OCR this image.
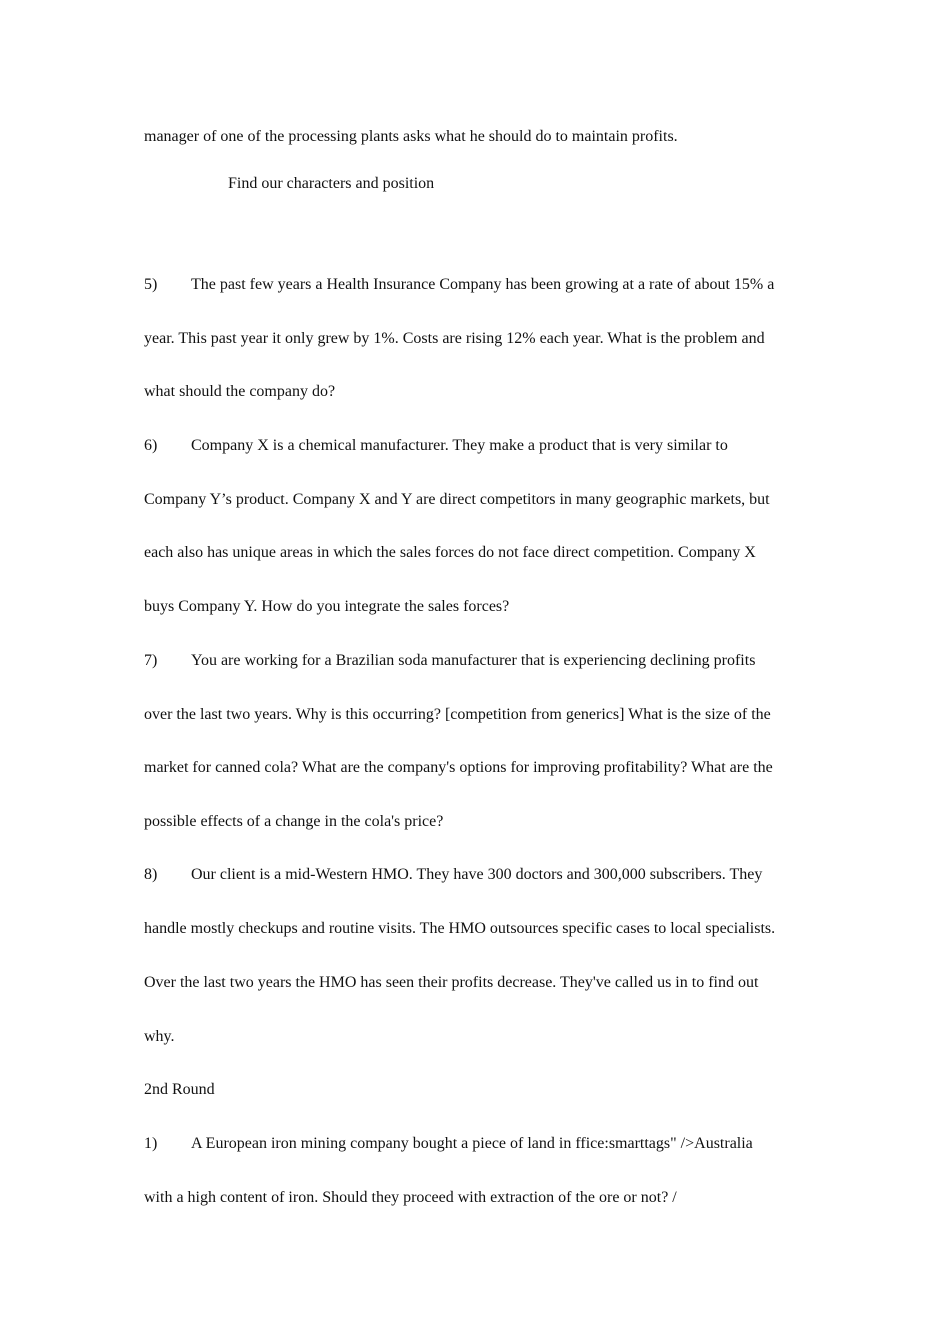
manager of one of the processing plants asks what he should do to maintain profits.
Find our characters and position
5) The past few years a Health Insurance Company has been growing at a rate of about 15% a
year. This past year it only grew by 1%. Costs are rising 12% each year. What is the problem and
what should the company do?
6) Company X is a chemical manufacturer. They make a product that is very similar to
Company Y’s product. Company X and Y are direct competitors in many geographic markets, but
each also has unique areas in which the sales forces do not face direct competition. Company X
buys Company Y. How do you integrate the sales forces?
7) You are working for a Brazilian soda manufacturer that is experiencing declining profits
over the last two years. Why is this occurring? [competition from generics] What is the size of the
market for canned cola? What are the company's options for improving profitability? What are the
possible effects of a change in the cola's price?
8) Our client is a mid-Western HMO. They have 300 doctors and 300,000 subscribers. They
handle mostly checkups and routine visits. The HMO outsources specific cases to local specialists.
Over the last two years the HMO has seen their profits decrease. They've called us in to find out
why.
2nd Round
1) A European iron mining company bought a piece of land in ffice:smarttags" />Australia
with a high content of iron. Should they proceed with extraction of the ore or not? /
